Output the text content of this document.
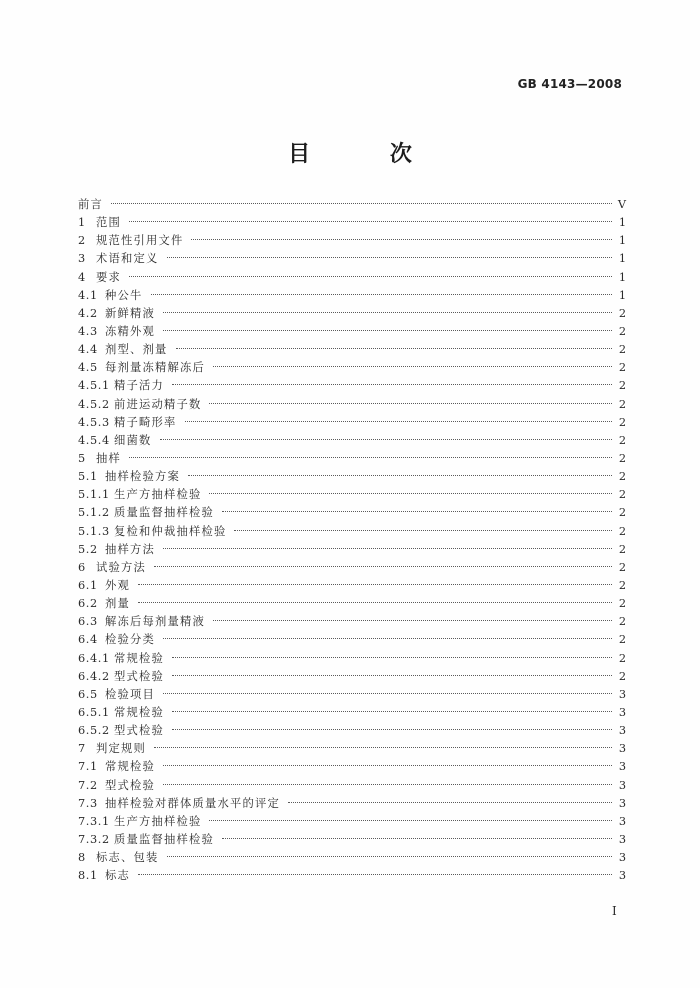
GB 4143—2008
目 次
前言	Ⅴ
1 范围	1
2 规范性引用文件	1
3 术语和定义	1
4 要求	1
4.1 种公牛	1
4.2 新鲜精液	2
4.3 冻精外观	2
4.4 剂型、剂量	2
4.5 每剂量冻精解冻后	2
4.5.1 精子活力	2
4.5.2 前进运动精子数	2
4.5.3 精子畸形率	2
4.5.4 细菌数	2
5 抽样	2
5.1 抽样检验方案	2
5.1.1 生产方抽样检验	2
5.1.2 质量监督抽样检验	2
5.1.3 复检和仲裁抽样检验	2
5.2 抽样方法	2
6 试验方法	2
6.1 外观	2
6.2 剂量	2
6.3 解冻后每剂量精液	2
6.4 检验分类	2
6.4.1 常规检验	2
6.4.2 型式检验	2
6.5 检验项目	3
6.5.1 常规检验	3
6.5.2 型式检验	3
7 判定规则	3
7.1 常规检验	3
7.2 型式检验	3
7.3 抽样检验对群体质量水平的评定	3
7.3.1 生产方抽样检验	3
7.3.2 质量监督抽样检验	3
8 标志、包装	3
8.1 标志	3
Ⅰ
